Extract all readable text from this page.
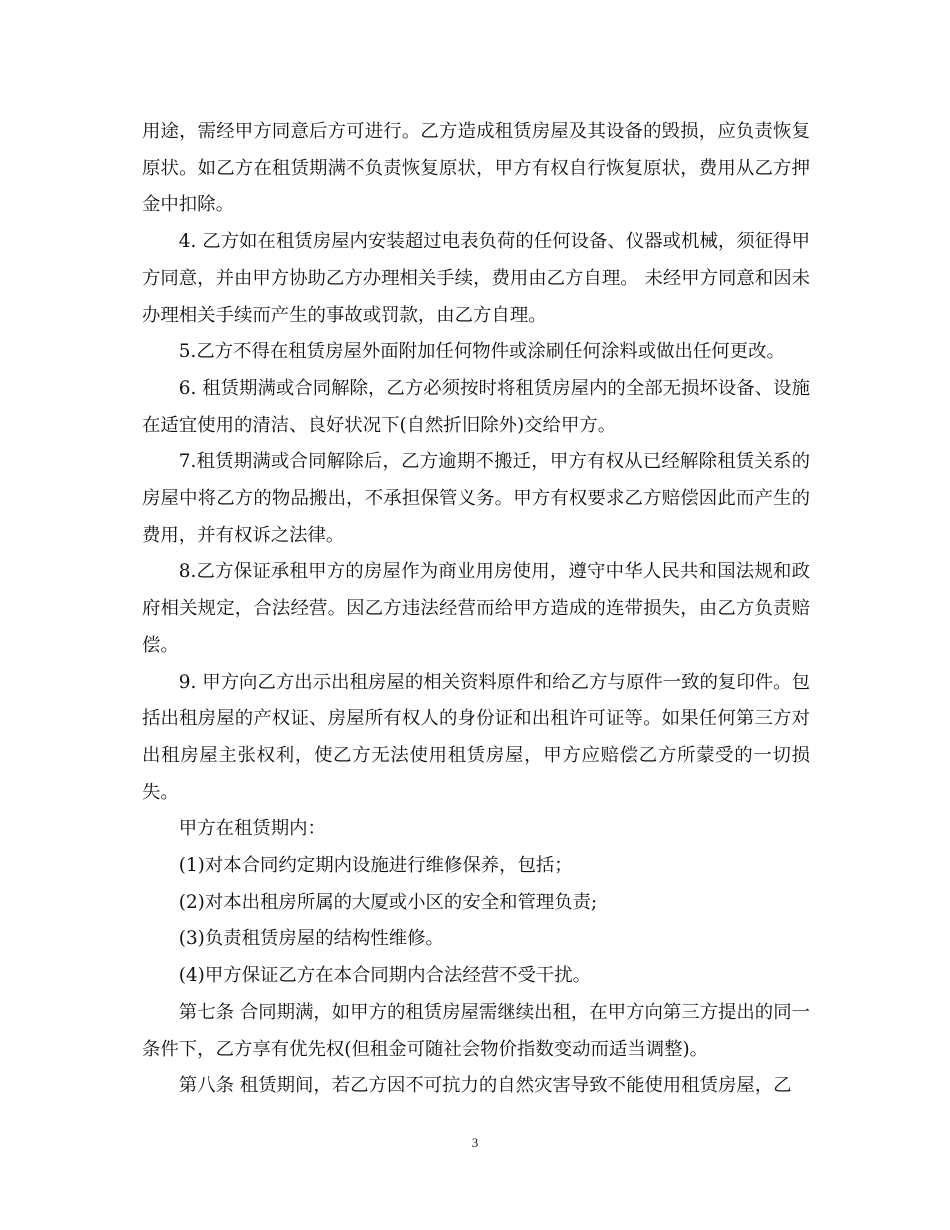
用途，需经甲方同意后方可进行。乙方造成租赁房屋及其设备的毁损，应负责恢复原状。如乙方在租赁期满不负责恢复原状，甲方有权自行恢复原状，费用从乙方押金中扣除。

4. 乙方如在租赁房屋内安装超过电表负荷的任何设备、仪器或机械，须征得甲方同意，并由甲方协助乙方办理相关手续，费用由乙方自理。 未经甲方同意和因未办理相关手续而产生的事故或罚款，由乙方自理。

5.乙方不得在租赁房屋外面附加任何物件或涂刷任何涂料或做出任何更改。

6. 租赁期满或合同解除，乙方必须按时将租赁房屋内的全部无损坏设备、设施在适宜使用的清洁、良好状况下(自然折旧除外)交给甲方。

7.租赁期满或合同解除后，乙方逾期不搬迁，甲方有权从已经解除租赁关系的房屋中将乙方的物品搬出，不承担保管义务。甲方有权要求乙方赔偿因此而产生的费用，并有权诉之法律。

8.乙方保证承租甲方的房屋作为商业用房使用，遵守中华人民共和国法规和政府相关规定，合法经营。因乙方违法经营而给甲方造成的连带损失，由乙方负责赔偿。

9. 甲方向乙方出示出租房屋的相关资料原件和给乙方与原件一致的复印件。包括出租房屋的产权证、房屋所有权人的身份证和出租许可证等。如果任何第三方对出租房屋主张权利，使乙方无法使用租赁房屋，甲方应赔偿乙方所蒙受的一切损失。

甲方在租赁期内：

(1)对本合同约定期内设施进行维修保养，包括；

(2)对本出租房所属的大厦或小区的安全和管理负责;

(3)负责租赁房屋的结构性维修。

(4)甲方保证乙方在本合同期内合法经营不受干扰。

第七条 合同期满，如甲方的租赁房屋需继续出租，在甲方向第三方提出的同一条件下，乙方享有优先权(但租金可随社会物价指数变动而适当调整)。

第八条 租赁期间，若乙方因不可抗力的自然灾害导致不能使用租赁房屋，乙

3
